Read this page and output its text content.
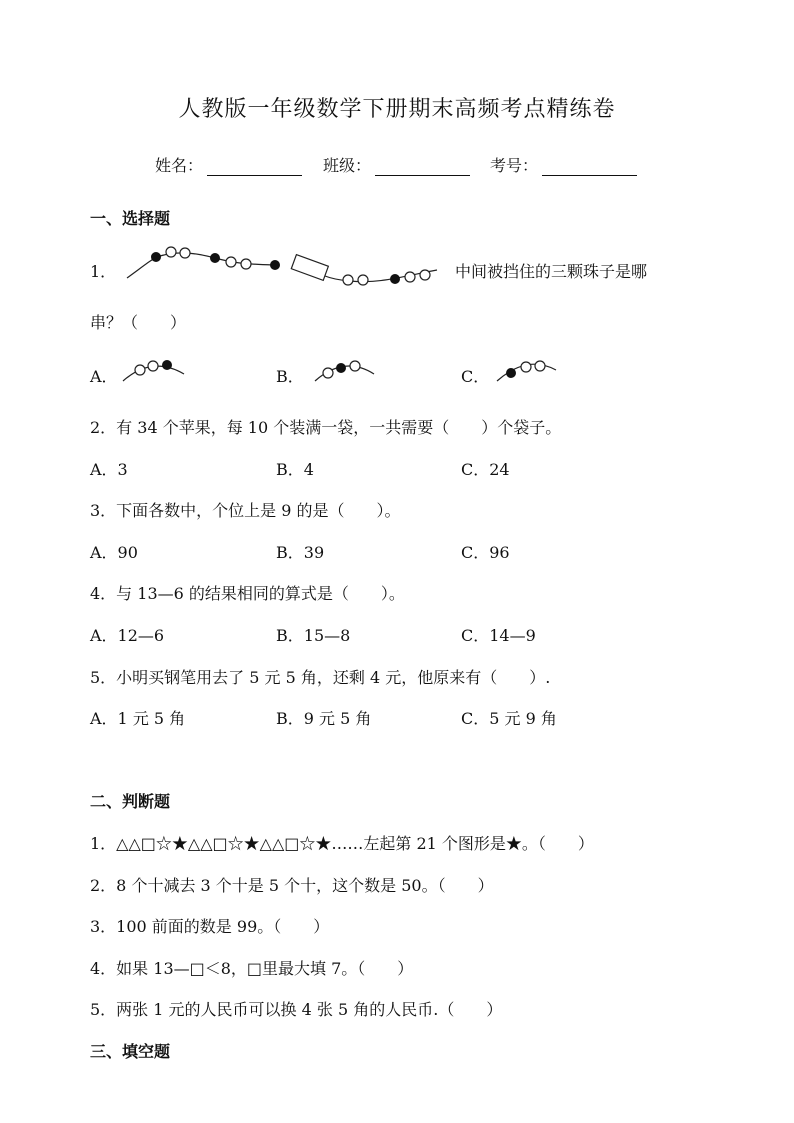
人教版一年级数学下册期末高频考点精练卷
姓名：	班级：	考号：
一、选择题
1．	中间被挡住的三颗珠子是哪
串？（　　）
A．	B．	C．
2．有 34 个苹果，每 10 个装满一袋，一共需要（　　）个袋子。
A．3	B．4	C．24
3．下面各数中，个位上是 9 的是（　　）。
A．90	B．39	C．96
4．与 13—6 的结果相同的算式是（　　）。
A．12—6	B．15—8	C．14—9
5．小明买钢笔用去了 5 元 5 角，还剩 4 元，他原来有（　　）.
A．1 元 5 角	B．9 元 5 角	C．5 元 9 角
二、判断题
1．△△□☆★△△□☆★△△□☆★……左起第 21 个图形是★。（　　）
2．8 个十减去 3 个十是 5 个十，这个数是 50。（　　）
3．100 前面的数是 99。（　　）
4．如果 13—□＜8，□里最大填 7。（　　）
5．两张 1 元的人民币可以换 4 张 5 角的人民币.（　　）
三、填空题
